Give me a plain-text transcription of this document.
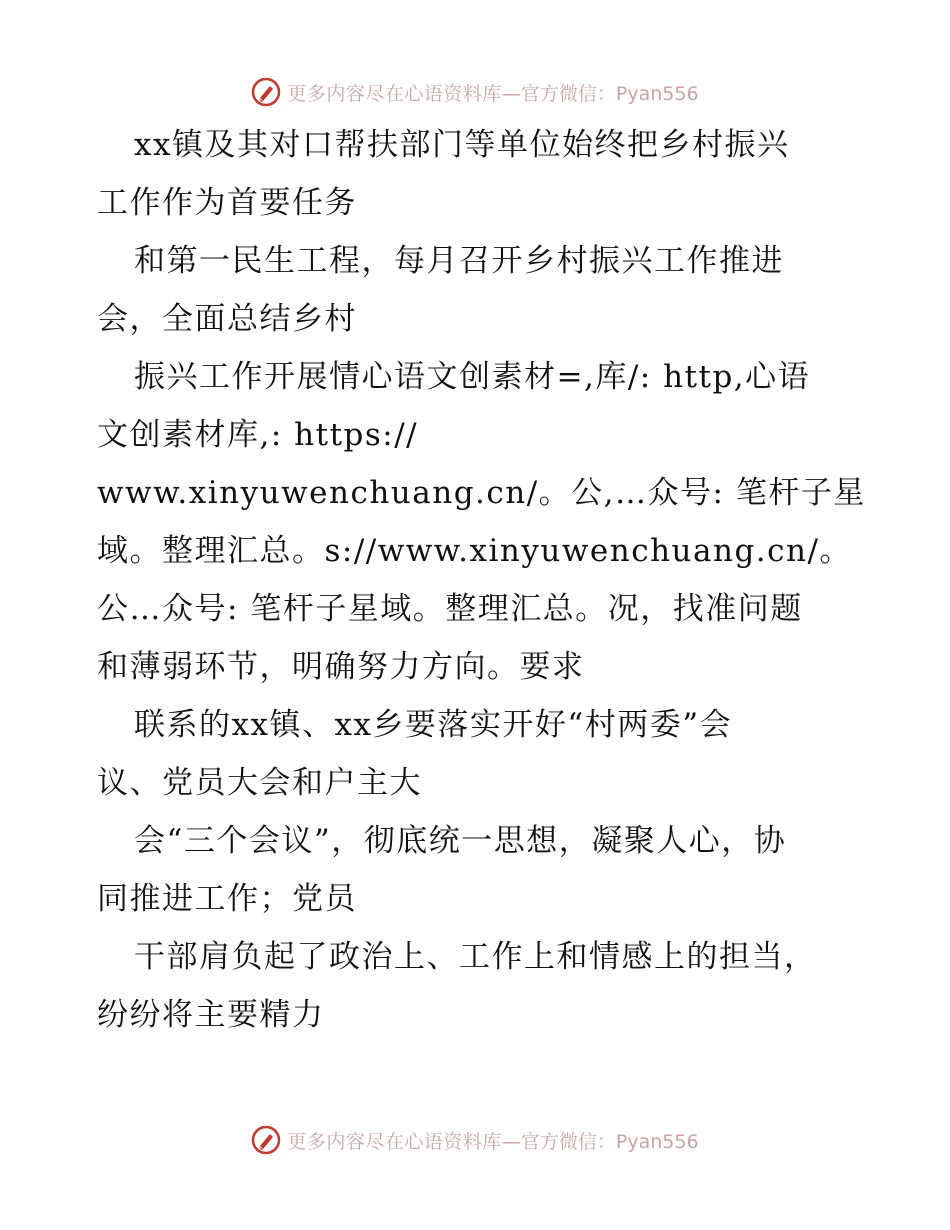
更多内容尽在心语资料库 —官方微信：Pyan556
xx镇及其对口帮扶部门等单位始终把乡村振兴
工作作为首要任务
和第一民生工程，每月召开乡村振兴工作推进
会，全面总结乡村
振兴工作开展情心语文创素材=,库/: http,心语
文创素材库,: https://
www.xinyuwenchuang.cn/。公,…众号: 笔杆子星
域。整理汇总。s://www.xinyuwenchuang.cn/。
公…众号: 笔杆子星域。整理汇总。况，找准问题
和薄弱环节，明确努力方向。要求
联系的xx镇、xx乡要落实开好“村两委”会
议、党员大会和户主大
会“三个会议”，彻底统一思想，凝聚人心，协
同推进工作；党员
干部肩负起了政治上、工作上和情感上的担当，
纷纷将主要精力
更多内容尽在心语资料库 —官方微信：Pyan556
